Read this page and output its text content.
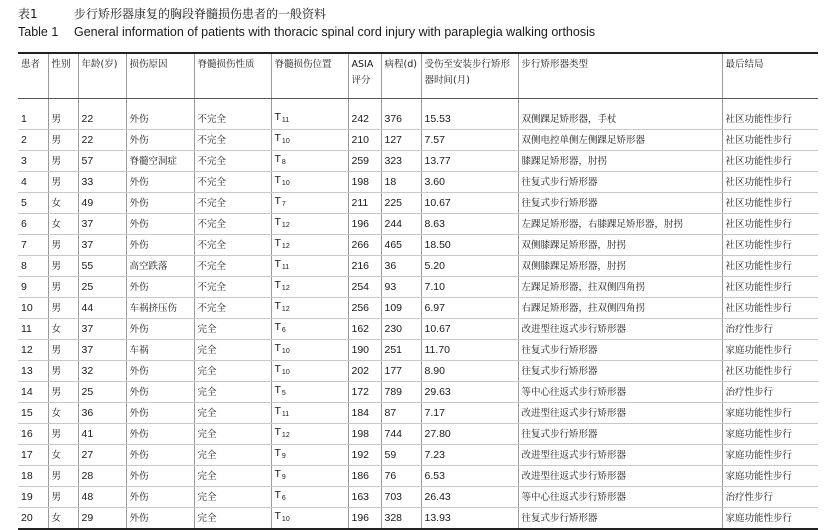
表1	步行矫形器康复的胸段脊髓损伤患者的一般资料
Table 1 General information of patients with thoracic spinal cord injury with paraplegia walking orthosis
患者	性别	年龄(岁)	损伤原因	脊髓损伤性质	脊髓损伤位置	ASIA评分	病程(d)	受伤至安装步行矫形器时间(月)	步行矫形器类型	最后结局

1	男	22	外伤	不完全	$T_{11}$	242	376	15.53	双侧踝足矫形器，手杖	社区功能性步行
2	男	22	外伤	不完全	$T_{10}$	210	127	7.57	双侧电控单侧左侧踝足矫形器	社区功能性步行
3	男	57	脊髓空洞症	不完全	$T_8$	259	323	13.77	膝踝足矫形器，肘拐	社区功能性步行
4	男	33	外伤	不完全	$T_{10}$	198	18	3.60	往复式步行矫形器	社区功能性步行
5	女	49	外伤	不完全	$T_7$	211	225	10.67	往复式步行矫形器	社区功能性步行
6	女	37	外伤	不完全	$T_{12}$	196	244	8.63	左踝足矫形器，右膝踝足矫形器，肘拐	社区功能性步行
7	男	37	外伤	不完全	$T_{12}$	266	465	18.50	双侧膝踝足矫形器，肘拐	社区功能性步行
8	男	55	高空跌落	不完全	$T_{11}$	216	36	5.20	双侧膝踝足矫形器，肘拐	社区功能性步行
9	男	25	外伤	不完全	$T_{12}$	254	93	7.10	左踝足矫形器，拄双侧四角拐	社区功能性步行
10	男	44	车祸挤压伤	不完全	$T_{12}$	256	109	6.97	右踝足矫形器，拄双侧四角拐	社区功能性步行
11	女	37	外伤	完全	$T_6$	162	230	10.67	改进型往返式步行矫形器	治疗性步行
12	男	37	车祸	完全	$T_{10}$	190	251	11.70	往复式步行矫形器	家庭功能性步行
13	男	32	外伤	完全	$T_{10}$	202	177	8.90	往复式步行矫形器	社区功能性步行
14	男	25	外伤	完全	$T_5$	172	789	29.63	等中心往返式步行矫形器	治疗性步行
15	女	36	外伤	完全	$T_{11}$	184	87	7.17	改进型往返式步行矫形器	家庭功能性步行
16	男	41	外伤	完全	$T_{12}$	198	744	27.80	往复式步行矫形器	家庭功能性步行
17	女	27	外伤	完全	$T_9$	192	59	7.23	改进型往返式步行矫形器	家庭功能性步行
18	男	28	外伤	完全	$T_9$	186	76	6.53	改进型往返式步行矫形器	家庭功能性步行
19	男	48	外伤	完全	$T_6$	163	703	26.43	等中心往返式步行矫形器	治疗性步行
20	女	29	外伤	完全	$T_{10}$	196	328	13.93	往复式步行矫形器	家庭功能性步行
